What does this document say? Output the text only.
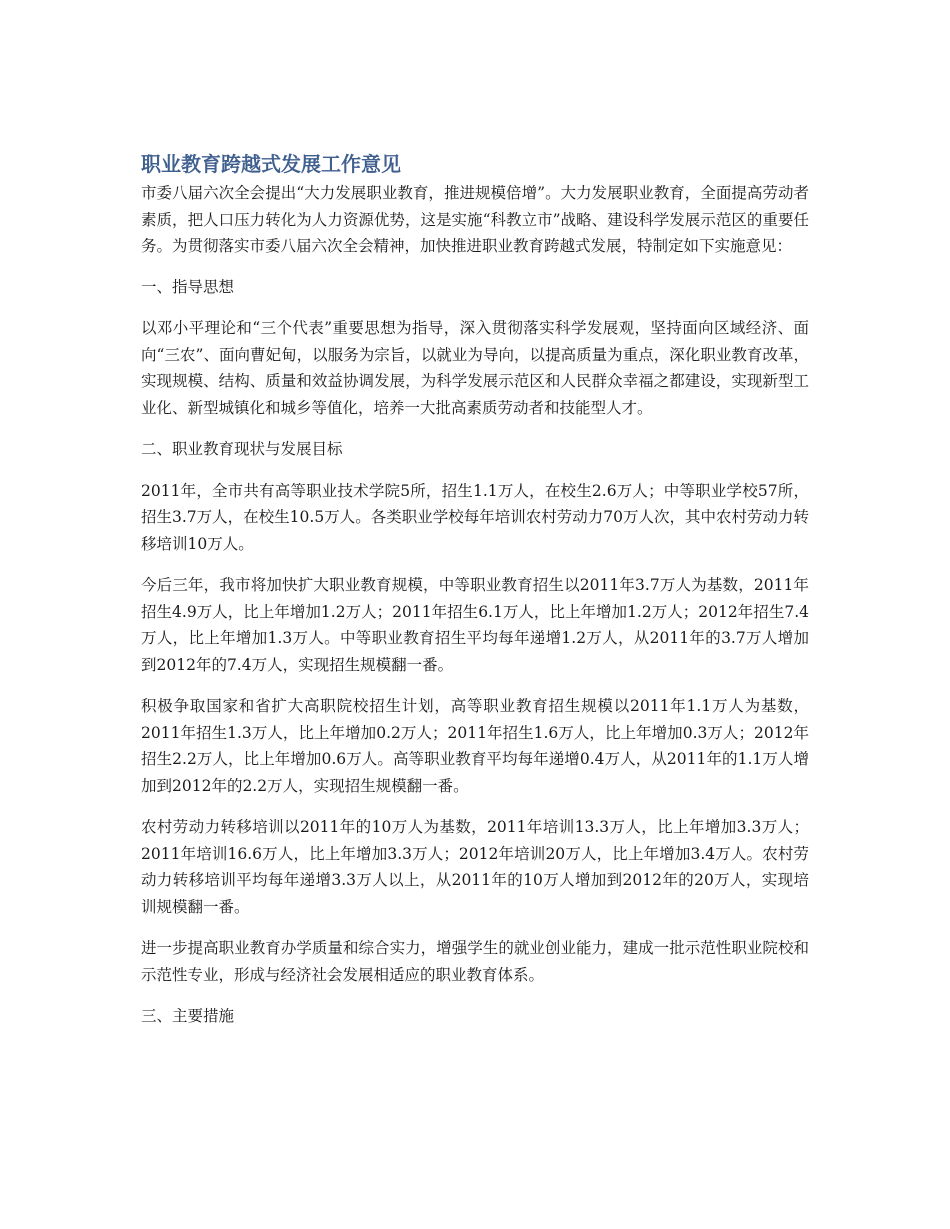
职业教育跨越式发展工作意见

市委八届六次全会提出“大力发展职业教育，推进规模倍增”。大力发展职业教育，全面提高劳动者素质，把人口压力转化为人力资源优势，这是实施“科教立市”战略、建设科学发展示范区的重要任务。为贯彻落实市委八届六次全会精神，加快推进职业教育跨越式发展，特制定如下实施意见：

一、指导思想

以邓小平理论和“三个代表”重要思想为指导，深入贯彻落实科学发展观，坚持面向区域经济、面向“三农”、面向曹妃甸，以服务为宗旨，以就业为导向，以提高质量为重点，深化职业教育改革，实现规模、结构、质量和效益协调发展，为科学发展示范区和人民群众幸福之都建设，实现新型工业化、新型城镇化和城乡等值化，培养一大批高素质劳动者和技能型人才。

二、职业教育现状与发展目标

2011年，全市共有高等职业技术学院5所，招生1.1万人，在校生2.6万人；中等职业学校57所，招生3.7万人，在校生10.5万人。各类职业学校每年培训农村劳动力70万人次，其中农村劳动力转移培训10万人。

今后三年，我市将加快扩大职业教育规模，中等职业教育招生以2011年3.7万人为基数，2011年招生4.9万人，比上年增加1.2万人；2011年招生6.1万人，比上年增加1.2万人；2012年招生7.4万人，比上年增加1.3万人。中等职业教育招生平均每年递增1.2万人，从2011年的3.7万人增加到2012年的7.4万人，实现招生规模翻一番。

积极争取国家和省扩大高职院校招生计划，高等职业教育招生规模以2011年1.1万人为基数，2011年招生1.3万人，比上年增加0.2万人；2011年招生1.6万人，比上年增加0.3万人；2012年招生2.2万人，比上年增加0.6万人。高等职业教育平均每年递增0.4万人，从2011年的1.1万人增加到2012年的2.2万人，实现招生规模翻一番。

农村劳动力转移培训以2011年的10万人为基数，2011年培训13.3万人，比上年增加3.3万人；2011年培训16.6万人，比上年增加3.3万人；2012年培训20万人，比上年增加3.4万人。农村劳动力转移培训平均每年递增3.3万人以上，从2011年的10万人增加到2012年的20万人，实现培训规模翻一番。

进一步提高职业教育办学质量和综合实力，增强学生的就业创业能力，建成一批示范性职业院校和示范性专业，形成与经济社会发展相适应的职业教育体系。

三、主要措施
